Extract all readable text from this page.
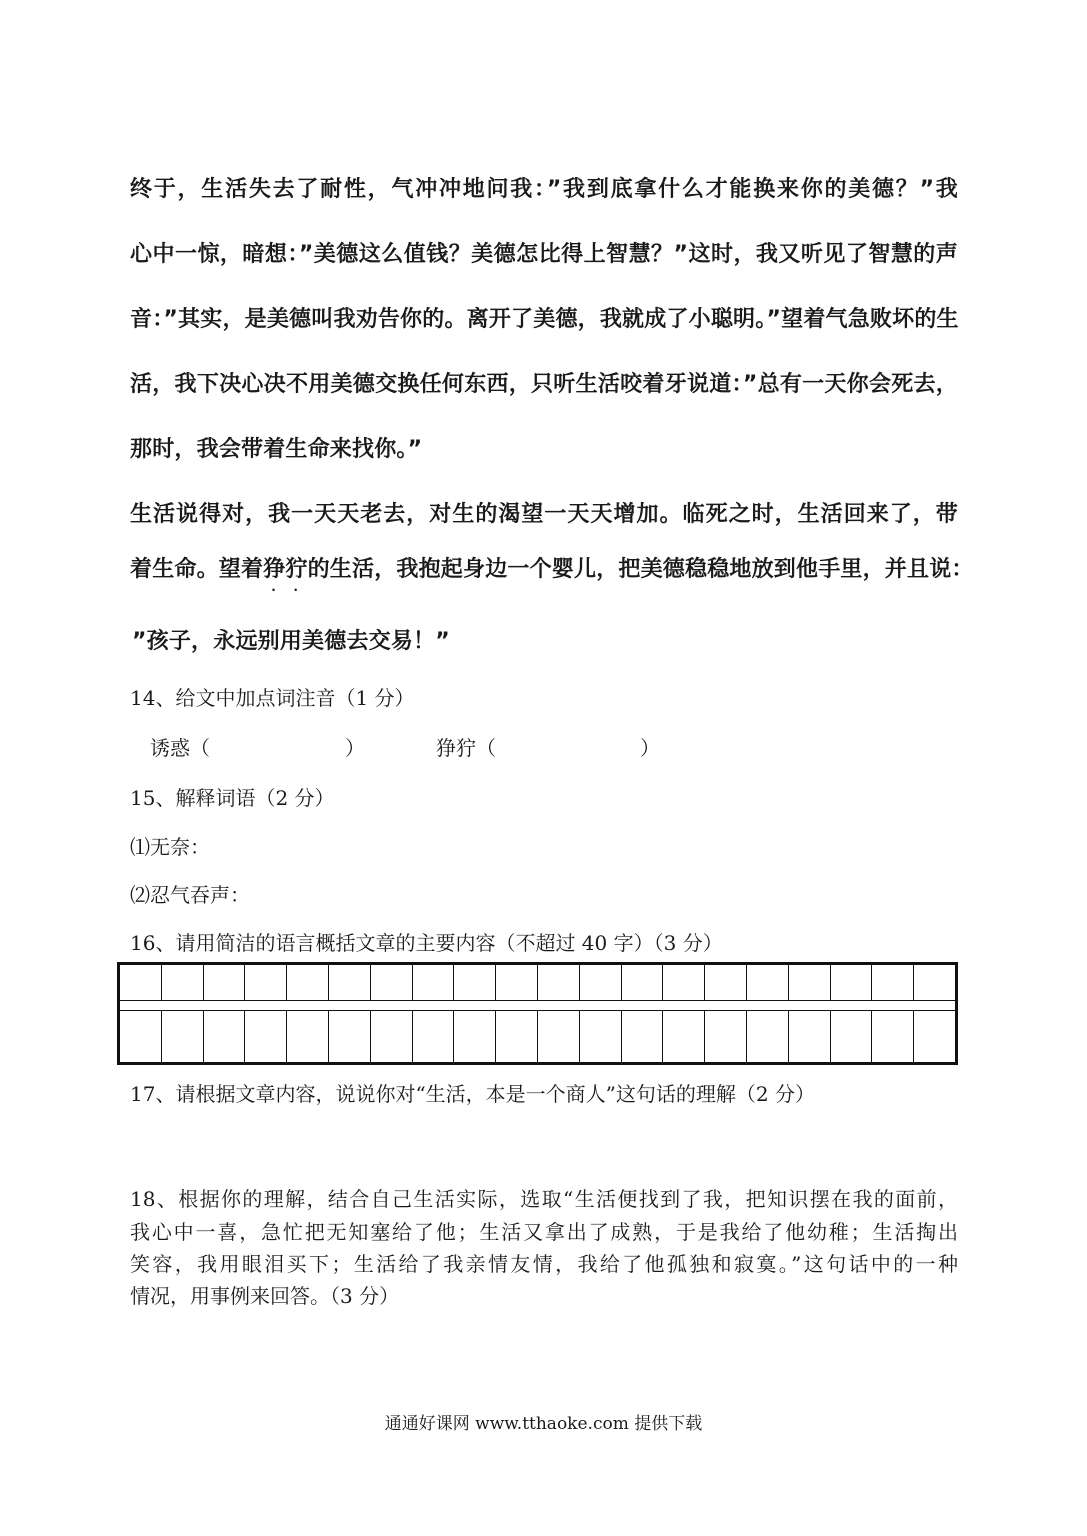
终于，生活失去了耐性，气冲冲地问我：”我到底拿什么才能换来你的美德？”我
心中一惊，暗想：”美德这么值钱？美德怎比得上智慧？”这时，我又听见了智慧的声
音：”其实，是美德叫我劝告你的。离开了美德，我就成了小聪明。”望着气急败坏的生
活，我下决心决不用美德交换任何东西，只听生活咬着牙说道：”总有一天你会死去，
那时，我会带着生命来找你。”
生活说得对，我一天天老去，对生的渴望一天天增加。临死之时，生活回来了，带
着生命。望着狰
.
狞
.
的生活，我抱起身边一个婴儿，把美德稳稳地放到他手里，并且说：
”孩子，永远别用美德去交易！”
14、给文中加点词注音（1 分）
诱惑（	）	狰狞（	）
15、解释词语（2 分）
⑴无奈：
⑵忍气吞声：
16、请用简洁的语言概括文章的主要内容（不超过 40 字）（3 分）
17、请根据文章内容，说说你对“生活，本是一个商人”这句话的理解（2 分）
18、根据你的理解，结合自己生活实际，选取“生活便找到了我，把知识摆在我的面前，
我心中一喜，急忙把无知塞给了他；生活又拿出了成熟，于是我给了他幼稚；生活掏出
笑容，我用眼泪买下；生活给了我亲情友情，我给了他孤独和寂寞。”这句话中的一种
情况，用事例来回答。（3 分）
通通好课网 www.tthaoke.com 提供下载
